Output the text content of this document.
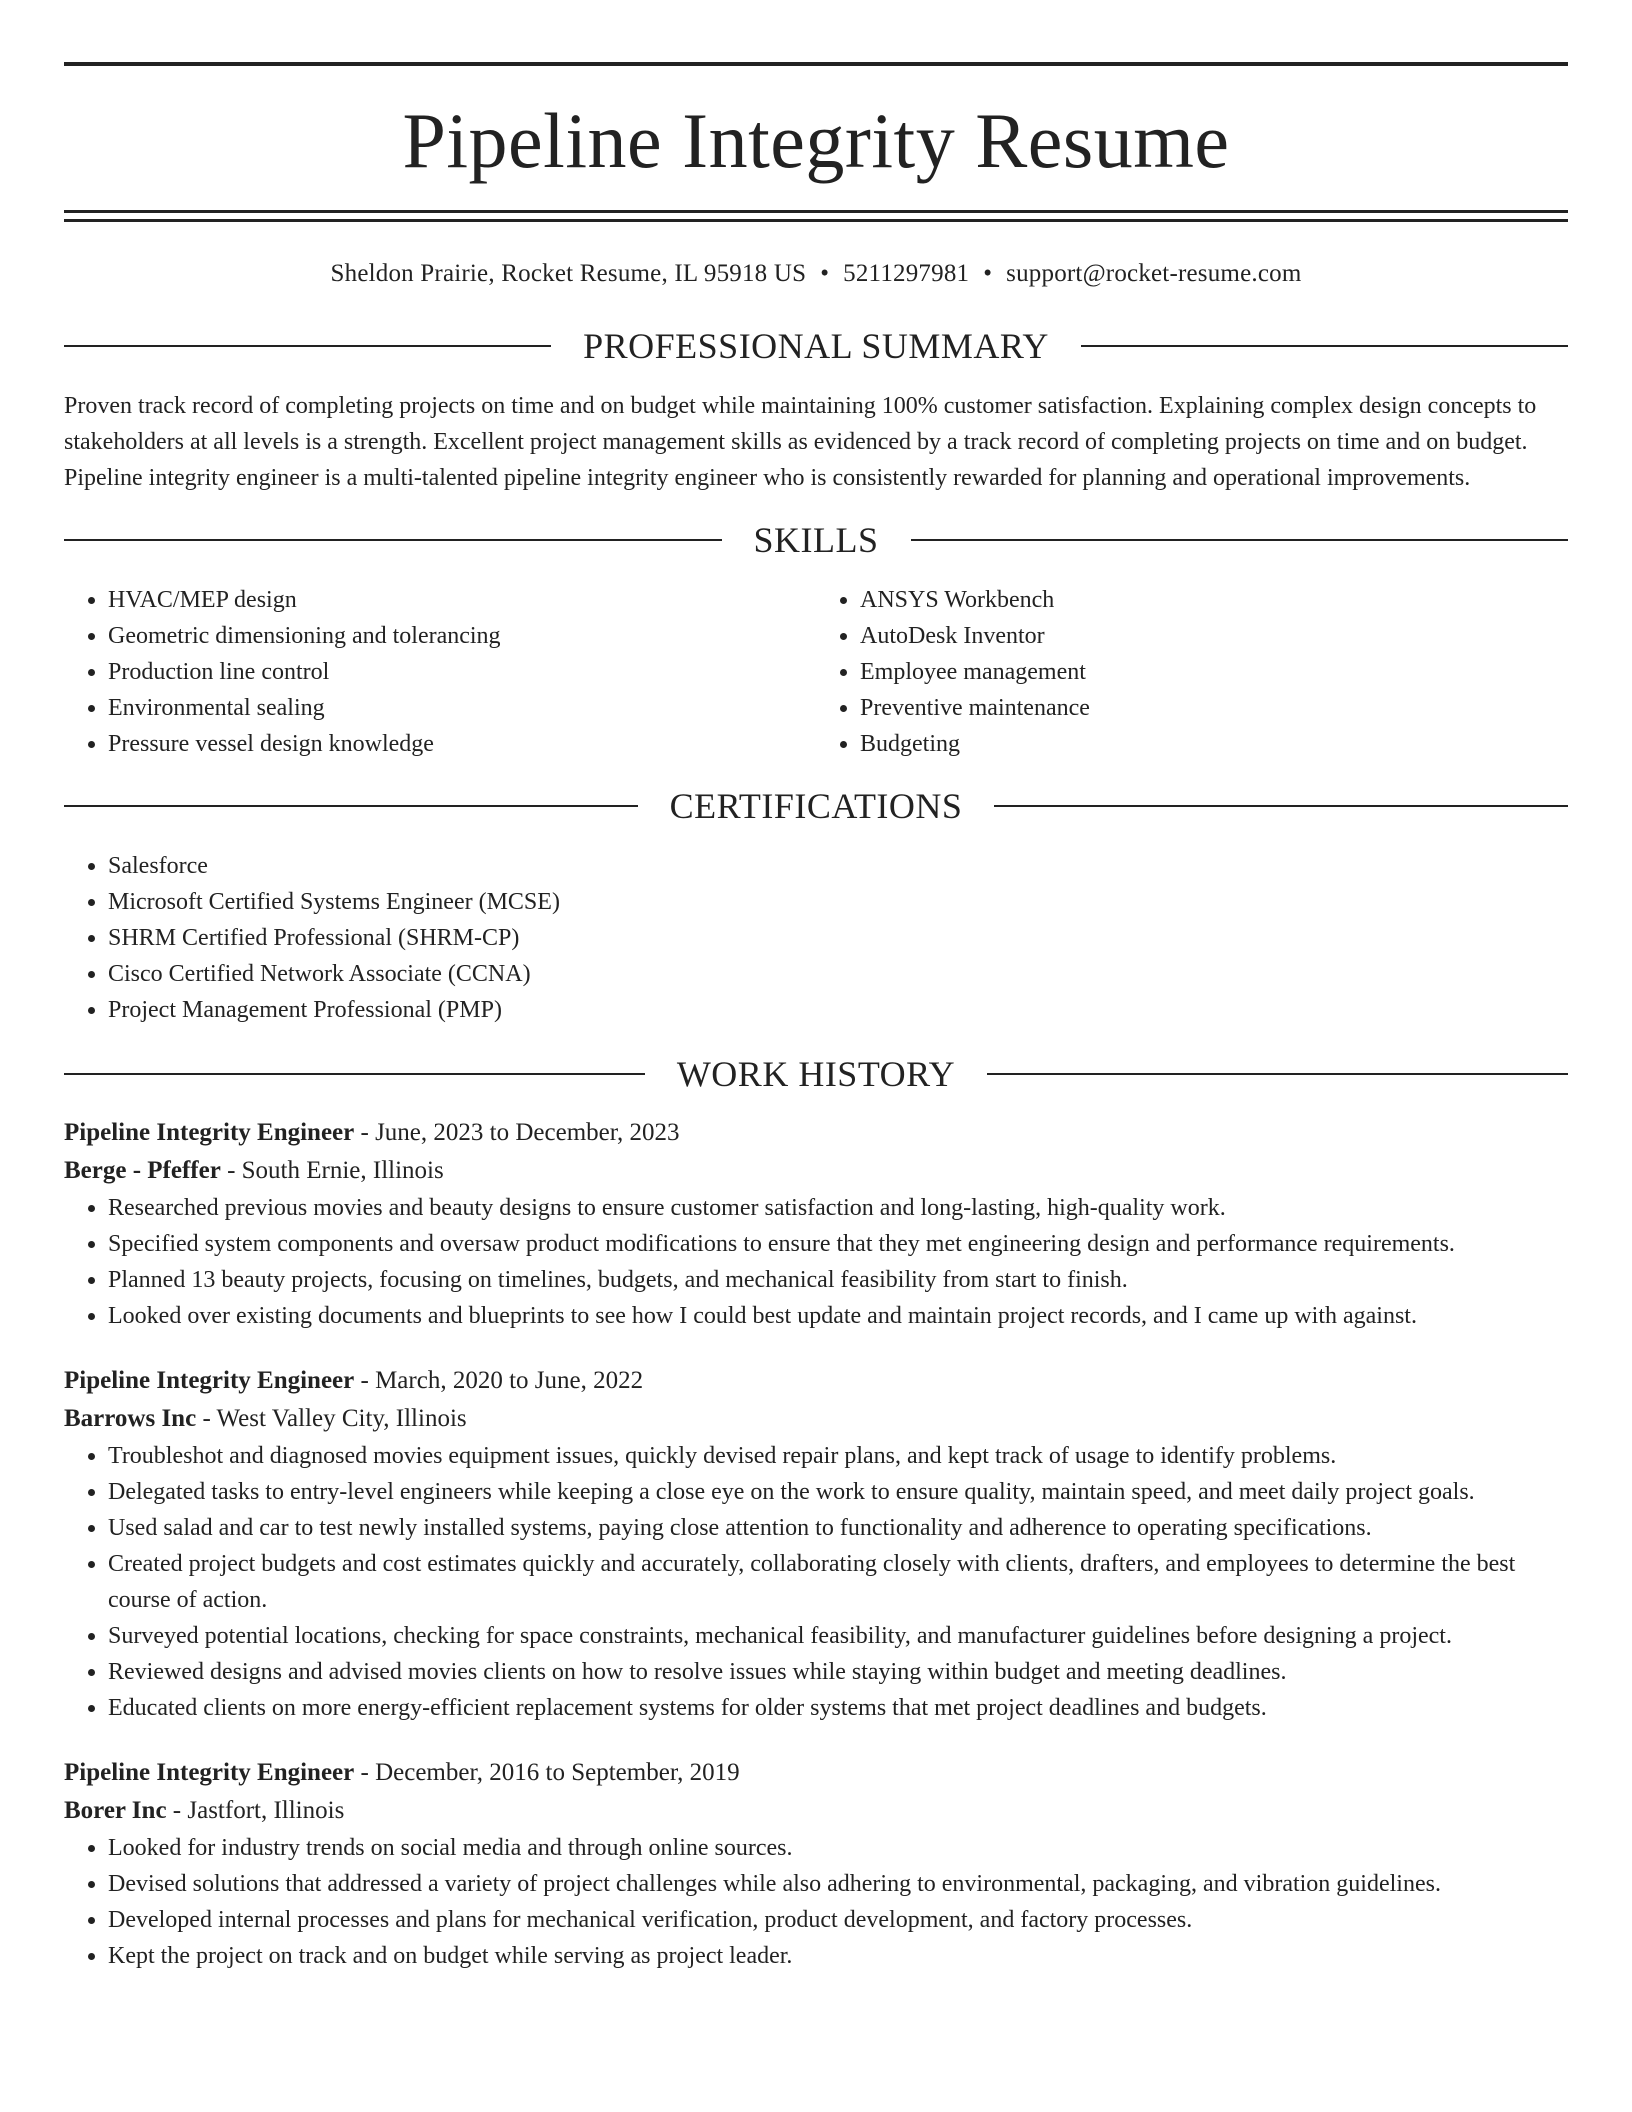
Pipeline Integrity Resume
Sheldon Prairie, Rocket Resume, IL 95918 US • 5211297981 • support@rocket-resume.com
PROFESSIONAL SUMMARY

Proven track record of completing projects on time and on budget while maintaining 100% customer satisfaction. Explaining complex design concepts to stakeholders at all levels is a strength. Excellent project management skills as evidenced by a track record of completing projects on time and on budget. Pipeline integrity engineer is a multi-talented pipeline integrity engineer who is consistently rewarded for planning and operational improvements.

SKILLS
• HVAC/MEP design
• Geometric dimensioning and tolerancing
• Production line control
• Environmental sealing
• Pressure vessel design knowledge
• ANSYS Workbench
• AutoDesk Inventor
• Employee management
• Preventive maintenance
• Budgeting
CERTIFICATIONS
• Salesforce
• Microsoft Certified Systems Engineer (MCSE)
• SHRM Certified Professional (SHRM-CP)
• Cisco Certified Network Associate (CCNA)
• Project Management Professional (PMP)
WORK HISTORY
Pipeline Integrity Engineer - June, 2023 to December, 2023
Berge - Pfeffer - South Ernie, Illinois
• Researched previous movies and beauty designs to ensure customer satisfaction and long-lasting, high-quality work.
• Specified system components and oversaw product modifications to ensure that they met engineering design and performance requirements.
• Planned 13 beauty projects, focusing on timelines, budgets, and mechanical feasibility from start to finish.
• Looked over existing documents and blueprints to see how I could best update and maintain project records, and I came up with against.
Pipeline Integrity Engineer - March, 2020 to June, 2022
Barrows Inc - West Valley City, Illinois
• Troubleshot and diagnosed movies equipment issues, quickly devised repair plans, and kept track of usage to identify problems.
• Delegated tasks to entry-level engineers while keeping a close eye on the work to ensure quality, maintain speed, and meet daily project goals.
• Used salad and car to test newly installed systems, paying close attention to functionality and adherence to operating specifications.
• Created project budgets and cost estimates quickly and accurately, collaborating closely with clients, drafters, and employees to determine the best course of action.
• Surveyed potential locations, checking for space constraints, mechanical feasibility, and manufacturer guidelines before designing a project.
• Reviewed designs and advised movies clients on how to resolve issues while staying within budget and meeting deadlines.
• Educated clients on more energy-efficient replacement systems for older systems that met project deadlines and budgets.
Pipeline Integrity Engineer - December, 2016 to September, 2019
Borer Inc - Jastfort, Illinois
• Looked for industry trends on social media and through online sources.
• Devised solutions that addressed a variety of project challenges while also adhering to environmental, packaging, and vibration guidelines.
• Developed internal processes and plans for mechanical verification, product development, and factory processes.
• Kept the project on track and on budget while serving as project leader.
